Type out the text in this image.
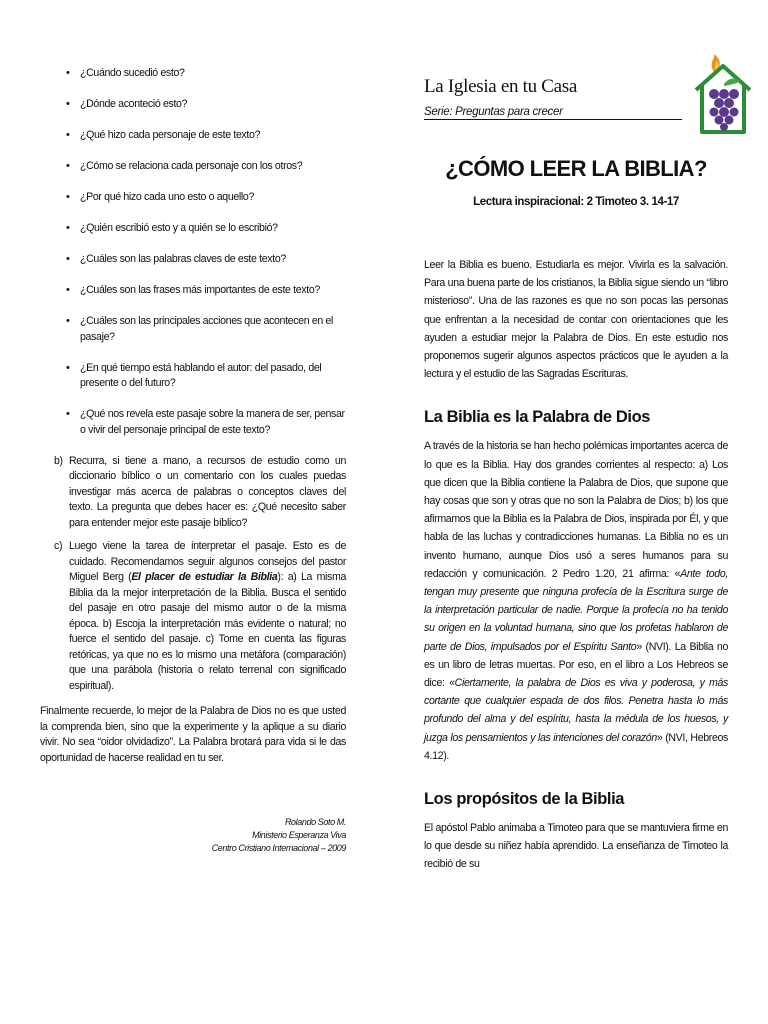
• ¿Cuándo sucedió esto?
• ¿Dónde aconteció esto?
• ¿Qué hizo cada personaje de este texto?
• ¿Cómo se relaciona cada personaje con los otros?
• ¿Por qué hizo cada uno esto o aquello?
• ¿Quién escribió esto y a quién se lo escribió?
• ¿Cuáles son las palabras claves de este texto?
• ¿Cuáles son las frases más importantes de este texto?
• ¿Cuáles son las principales acciones que acontecen en el pasaje?
• ¿En qué tiempo está hablando el autor: del pasado, del presente o del futuro?
• ¿Qué nos revela este pasaje sobre la manera de ser, pensar o vivir del personaje principal de este texto?
b) Recurra, si tiene a mano, a recursos de estudio como un diccionario bíblico o un comentario con los cuales puedas investigar más acerca de palabras o conceptos claves del texto. La pregunta que debes hacer es: ¿Qué necesito saber para entender mejor este pasaje bíblico?
c) Luego viene la tarea de interpretar el pasaje. Esto es de cuidado. Recomendamos seguir algunos consejos del pastor Miguel Berg (El placer de estudiar la Biblia): a) La misma Biblia da la mejor interpretación de la Biblia. Busca el sentido del pasaje en otro pasaje del mismo autor o de la misma época. b) Escoja la interpretación más evidente o natural; no fuerce el sentido del pasaje. c) Tome en cuenta las figuras retóricas, ya que no es lo mismo una metáfora (comparación) que una parábola (historia o relato terrenal con significado espiritual).
Finalmente recuerde, lo mejor de la Palabra de Dios no es que usted la comprenda bien, sino que la experimente y la aplique a su diario vivir. No sea “oidor olvidadizo”. La Palabra brotará para vida si le das oportunidad de hacerse realidad en tu ser.
Rolando Soto M.
Ministerio Esperanza Viva
Centro Cristiano Internacional – 2009
La Iglesia en tu Casa
Serie: Preguntas para crecer
¿CÓMO LEER LA BIBLIA?
Lectura inspiracional: 2 Timoteo 3. 14-17
Leer la Biblia es bueno. Estudiarla es mejor. Vivirla es la salvación. Para una buena parte de los cristianos, la Biblia sigue siendo un “libro misterioso”. Una de las razones es que no son pocas las personas que enfrentan a la necesidad de contar con orientaciones que les ayuden a estudiar mejor la Palabra de Dios. En este estudio nos proponemos sugerir algunos aspectos prácticos que le ayuden a la lectura y el estudio de las Sagradas Escrituras.
La Biblia es la Palabra de Dios
A través de la historia se han hecho polémicas importantes acerca de lo que es la Biblia. Hay dos grandes corrientes al respecto: a) Los que dicen que la Biblia contiene la Palabra de Dios, que supone que hay cosas que son y otras que no son la Palabra de Dios; b) los que afirmamos que la Biblia es la Palabra de Dios, inspirada por Él, y que habla de las luchas y contradicciones humanas. La Biblia no es un invento humano, aunque Dios usó a seres humanos para su redacción y comunicación. 2 Pedro 1.20, 21 afirma: «Ante todo, tengan muy presente que ninguna profecía de la Escritura surge de la interpretación particular de nadie. Porque la profecía no ha tenido su origen en la voluntad humana, sino que los profetas hablaron de parte de Dios, impulsados por el Espíritu Santo» (NVI). La Biblia no es un libro de letras muertas. Por eso, en el libro a Los Hebreos se dice: «Ciertamente, la palabra de Dios es viva y poderosa, y más cortante que cualquier espada de dos filos. Penetra hasta lo más profundo del alma y del espíritu, hasta la médula de los huesos, y juzga los pensamientos y las intenciones del corazón» (NVI, Hebreos 4.12).
Los propósitos de la Biblia
El apóstol Pablo animaba a Timoteo para que se mantuviera firme en lo que desde su niñez había aprendido. La enseñanza de Timoteo la recibió de su
